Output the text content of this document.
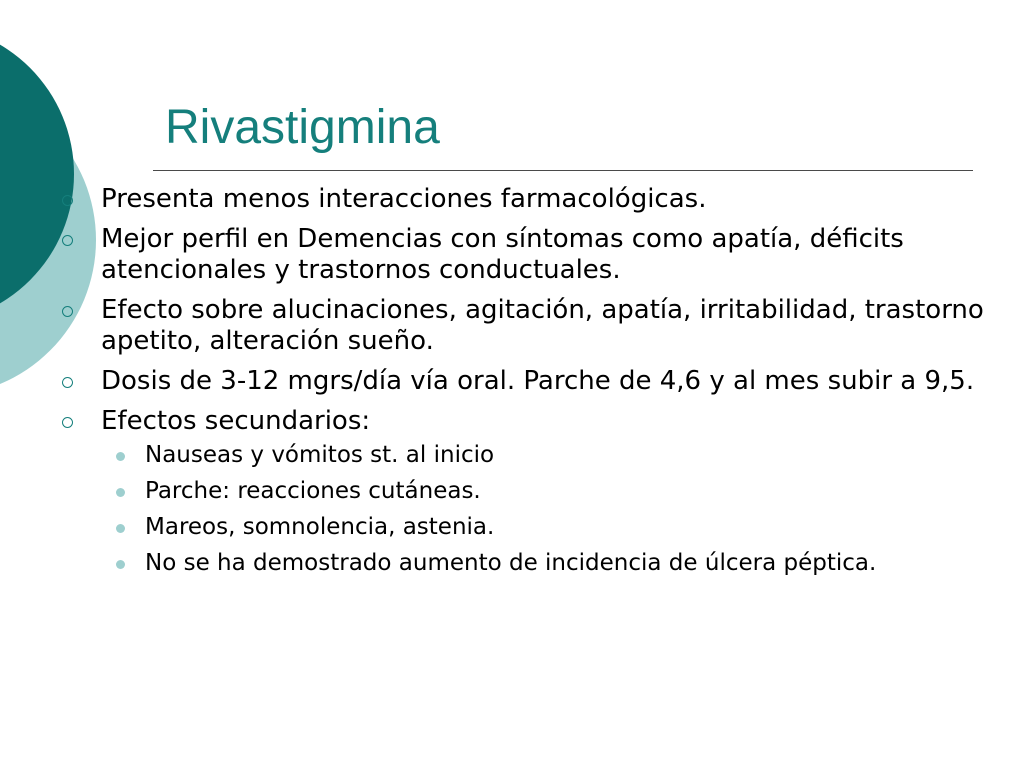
Rivastigmina
Presenta menos interacciones farmacológicas.
Mejor perfil en Demencias con síntomas como apatía, déficits atencionales y trastornos conductuales.
Efecto sobre alucinaciones, agitación, apatía, irritabilidad, trastorno apetito, alteración sueño.
Dosis de 3-12 mgrs/día vía oral. Parche de 4,6 y al mes subir a 9,5.
Efectos secundarios:
Nauseas y vómitos st. al inicio
Parche: reacciones cutáneas.
Mareos, somnolencia, astenia.
No se ha demostrado aumento de incidencia de úlcera péptica.
